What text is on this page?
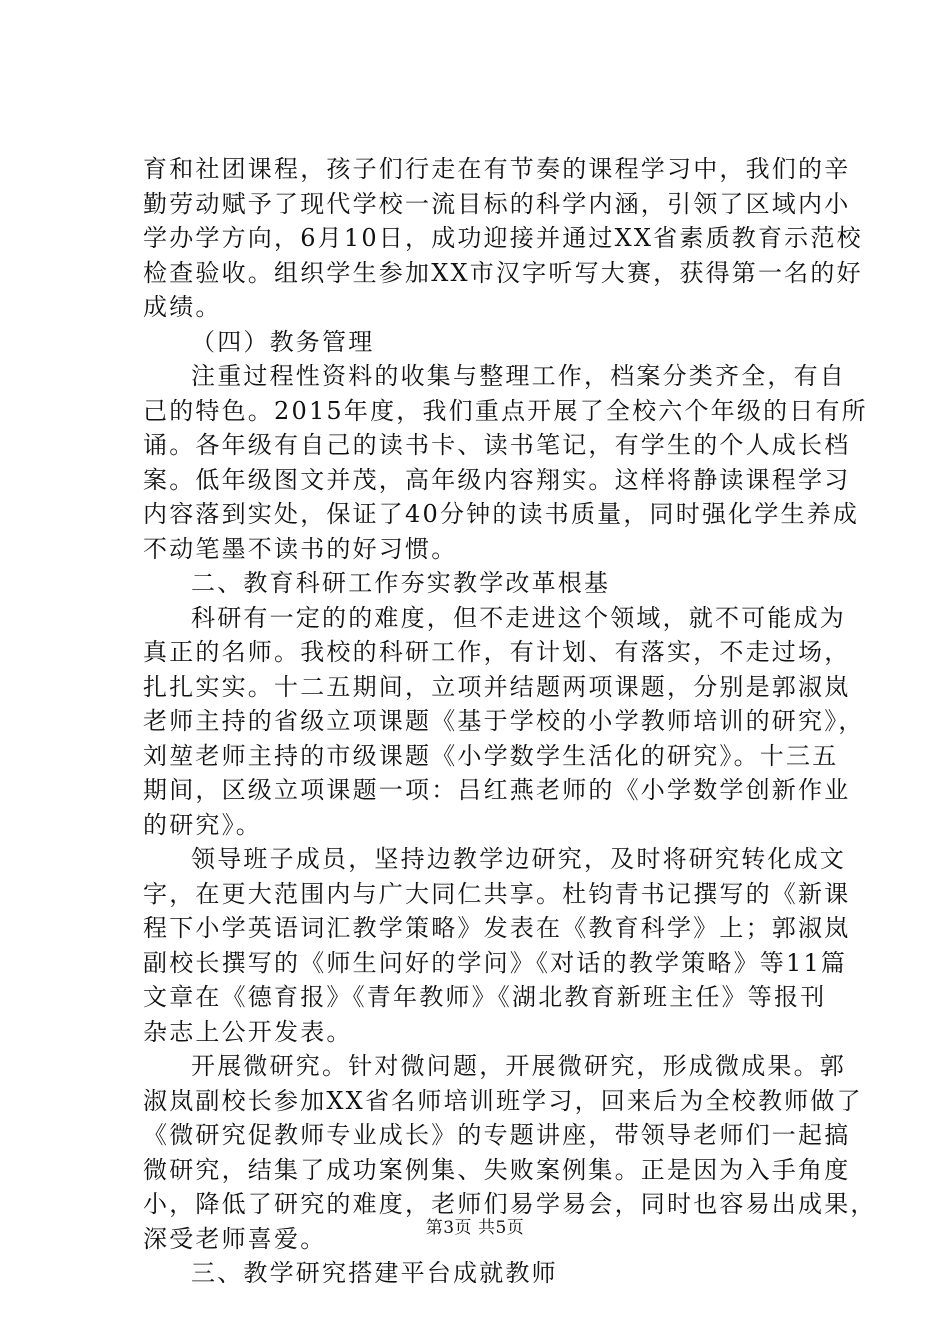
育和社团课程，孩子们行走在有节奏的课程学习中，我们的辛
勤劳动赋予了现代学校一流目标的科学内涵，引领了区域内小
学办学方向，6月10日，成功迎接并通过XX省素质教育示范校
检查验收。组织学生参加XX市汉字听写大赛，获得第一名的好
成绩。
（四）教务管理
注重过程性资料的收集与整理工作，档案分类齐全，有自
己的特色。2015年度，我们重点开展了全校六个年级的日有所
诵。各年级有自己的读书卡、读书笔记，有学生的个人成长档
案。低年级图文并茂，高年级内容翔实。这样将静读课程学习
内容落到实处，保证了40分钟的读书质量，同时强化学生养成
不动笔墨不读书的好习惯。
二、教育科研工作夯实教学改革根基
科研有一定的的难度，但不走进这个领域，就不可能成为
真正的名师。我校的科研工作，有计划、有落实，不走过场，
扎扎实实。十二五期间，立项并结题两项课题，分别是郭淑岚
老师主持的省级立项课题《基于学校的小学教师培训的研究》，
刘堃老师主持的市级课题《小学数学生活化的研究》。十三五
期间，区级立项课题一项：吕红燕老师的《小学数学创新作业
的研究》。
领导班子成员，坚持边教学边研究，及时将研究转化成文
字，在更大范围内与广大同仁共享。杜钧青书记撰写的《新课
程下小学英语词汇教学策略》发表在《教育科学》上；郭淑岚
副校长撰写的《师生问好的学问》《对话的教学策略》等11篇
文章在《德育报》《青年教师》《湖北教育新班主任》等报刊
杂志上公开发表。
开展微研究。针对微问题，开展微研究，形成微成果。郭
淑岚副校长参加XX省名师培训班学习，回来后为全校教师做了
《微研究促教师专业成长》的专题讲座，带领导老师们一起搞
微研究，结集了成功案例集、失败案例集。正是因为入手角度
小，降低了研究的难度，老师们易学易会，同时也容易出成果，
深受老师喜爱。
三、教学研究搭建平台成就教师
第3页 共5页
